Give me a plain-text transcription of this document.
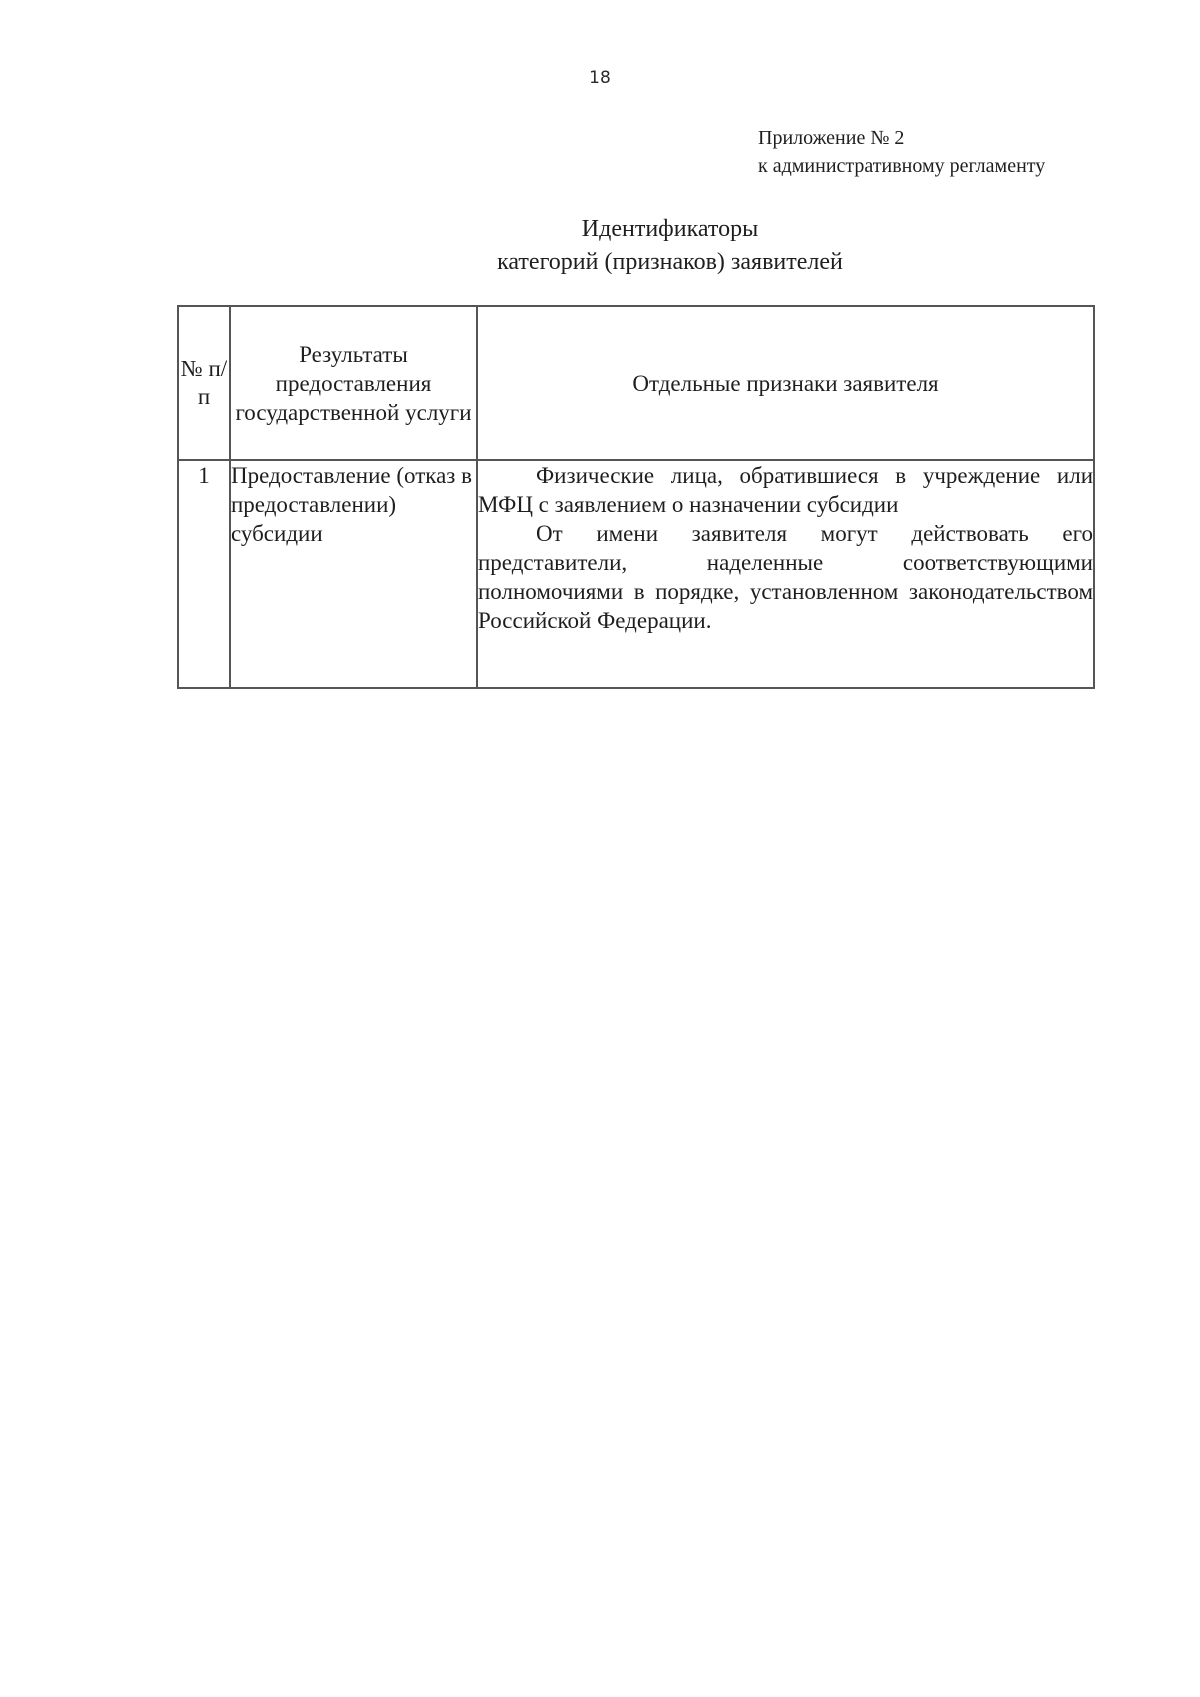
18
Приложение № 2
к административному регламенту
Идентификаторы
категорий (признаков) заявителей
№ п/п	Результаты предоставления государственной услуги	Отдельные признаки заявителя
1	Предоставление (отказ в предоставлении) субсидии	Физические лица, обратившиеся в учреждение или МФЦ с заявлением о назначении субсидии

От имени заявителя могут действовать его представители, наделенные соответствующими полномочиями в порядке, установленном законодательством Российской Федерации.
